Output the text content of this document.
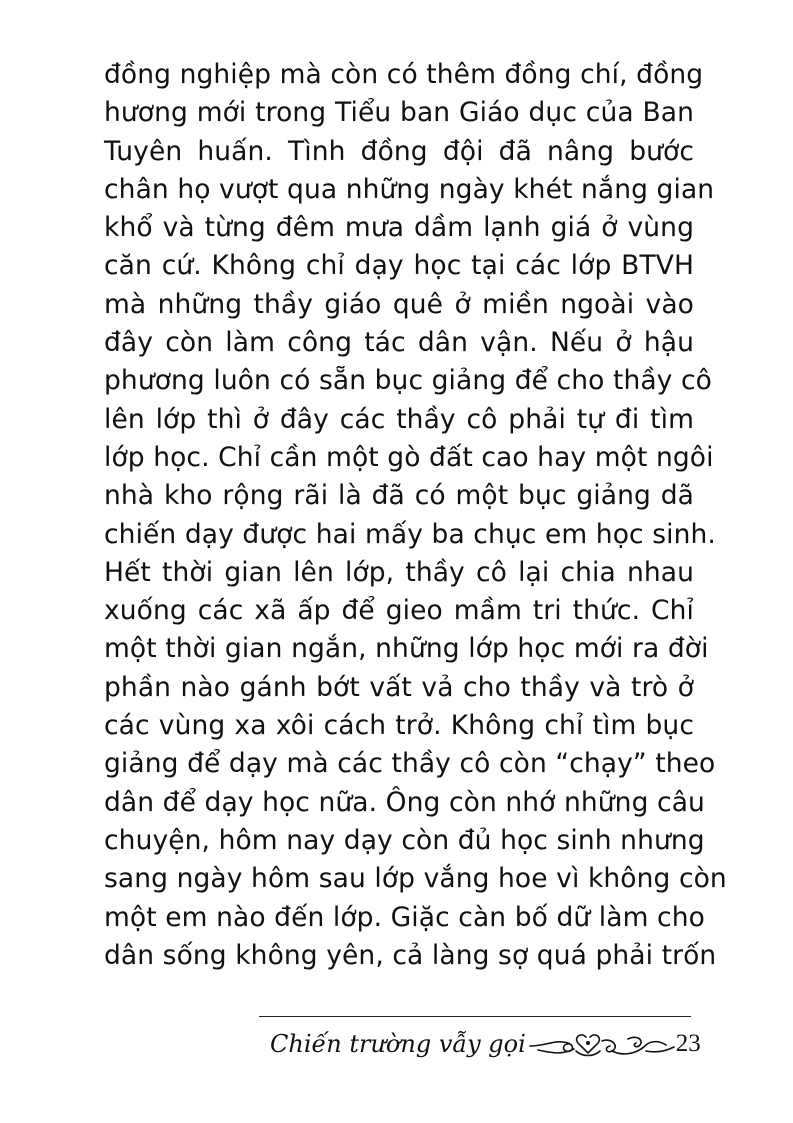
đồng nghiệp mà còn có thêm đồng chí, đồng
hương mới trong Tiểu ban Giáo dục của Ban
Tuyên huấn. Tình đồng đội đã nâng bước
chân họ vượt qua những ngày khét nắng gian
khổ và từng đêm mưa dầm lạnh giá ở vùng
căn cứ. Không chỉ dạy học tại các lớp BTVH
mà những thầy giáo quê ở miền ngoài vào
đây còn làm công tác dân vận. Nếu ở hậu
phương luôn có sẵn bục giảng để cho thầy cô
lên lớp thì ở đây các thầy cô phải tự đi tìm
lớp học. Chỉ cần một gò đất cao hay một ngôi
nhà kho rộng rãi là đã có một bục giảng dã
chiến dạy được hai mấy ba chục em học sinh.
Hết thời gian lên lớp, thầy cô lại chia nhau
xuống các xã ấp để gieo mầm tri thức. Chỉ
một thời gian ngắn, những lớp học mới ra đời
phần nào gánh bớt vất vả cho thầy và trò ở
các vùng xa xôi cách trở. Không chỉ tìm bục
giảng để dạy mà các thầy cô còn “chạy” theo
dân để dạy học nữa. Ông còn nhớ những câu
chuyện, hôm nay dạy còn đủ học sinh nhưng
sang ngày hôm sau lớp vắng hoe vì không còn
một em nào đến lớp. Giặc càn bố dữ làm cho
dân sống không yên, cả làng sợ quá phải trốn
Chiến trường vẫy gọi	23
